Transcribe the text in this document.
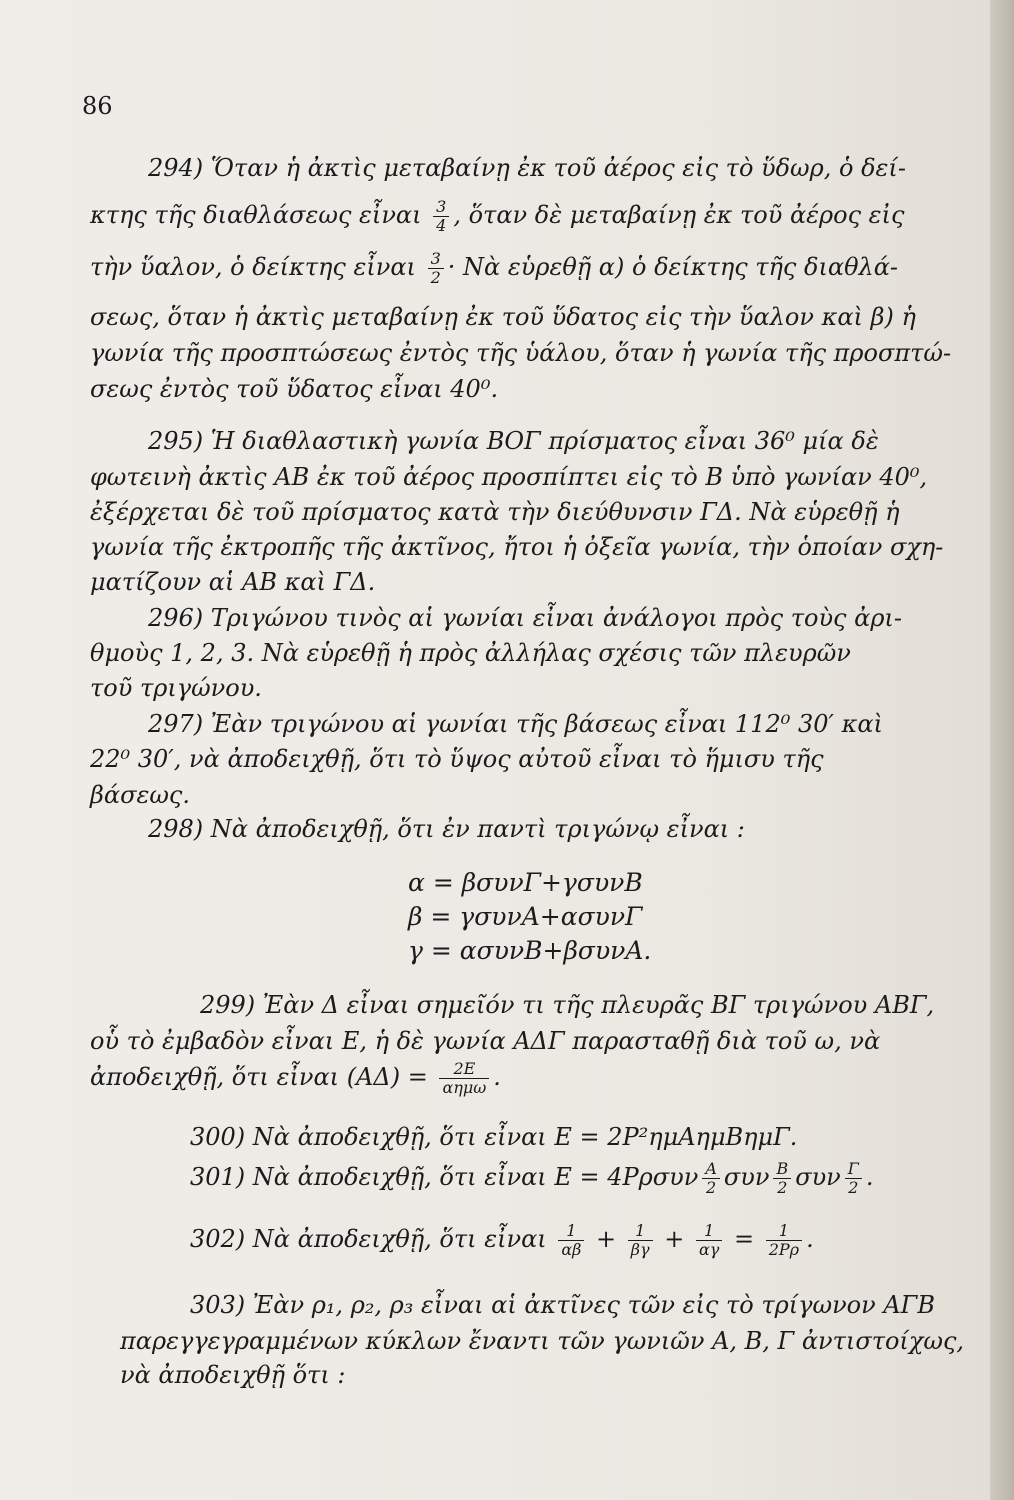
86
294) Ὅταν ἡ ἀκτὶς μεταβαίνῃ ἐκ τοῦ ἀέρος εἰς τὸ ὕδωρ, ὁ δεί-
κτης τῆς διαθλάσεως εἶναι $\frac{3}{4}$ , ὅταν δὲ μεταβαίνῃ ἐκ τοῦ ἀέρος εἰς
τὴν ὕαλον, ὁ δείκτης εἶναι $\frac{3}{2}$ · Νὰ εὑρεθῇ α) ὁ δείκτης τῆς διαθλά-
σεως, ὅταν ἡ ἀκτὶς μεταβαίνῃ ἐκ τοῦ ὕδατος εἰς τὴν ὕαλον καὶ β) ἡ
γωνία τῆς προσπτώσεως ἐντὸς τῆς ὑάλου, ὅταν ἡ γωνία τῆς προσπτώ-
σεως ἐντὸς τοῦ ὕδατος εἶναι 40⁰.
295) Ἡ διαθλαστικὴ γωνία ΒΟΓ πρίσματος εἶναι 36⁰ μία δὲ
φωτεινὴ ἀκτὶς ΑΒ ἐκ τοῦ ἀέρος προσπίπτει εἰς τὸ Β ὑπὸ γωνίαν 40⁰,
ἐξέρχεται δὲ τοῦ πρίσματος κατὰ τὴν διεύθυνσιν ΓΔ. Νὰ εὑρεθῇ ἡ
γωνία τῆς ἐκτροπῆς τῆς ἀκτῖνος, ἤτοι ἡ ὀξεῖα γωνία, τὴν ὁποίαν σχη-
ματίζουν αἱ ΑΒ καὶ ΓΔ.
296) Τριγώνου τινὸς αἱ γωνίαι εἶναι ἀνάλογοι πρὸς τοὺς ἀρι-
θμοὺς 1, 2, 3. Νὰ εὑρεθῇ ἡ πρὸς ἀλλήλας σχέσις τῶν πλευρῶν
τοῦ τριγώνου.
297) Ἐὰν τριγώνου αἱ γωνίαι τῆς βάσεως εἶναι 112⁰ 30′ καὶ
22⁰ 30′, νὰ ἀποδειχθῇ, ὅτι τὸ ὕψος αὐτοῦ εἶναι τὸ ἥμισυ τῆς
βάσεως.
298) Νὰ ἀποδειχθῇ, ὅτι ἐν παντὶ τριγώνῳ εἶναι :
α = βσυνΓ+γσυνΒ
β = γσυνΑ+ασυνΓ
γ = ασυνΒ+βσυνΑ.
299) Ἐὰν Δ εἶναι σημεῖόν τι τῆς πλευρᾶς ΒΓ τριγώνου ΑΒΓ,
οὗ τὸ ἐμβαδὸν εἶναι Ε, ἡ δὲ γωνία ΑΔΓ παρασταθῇ διὰ τοῦ ω, νὰ
ἀποδειχθῇ, ὅτι εἶναι $(A\Delta) = \frac{2E}{\text{αημω}}$ .
300) Νὰ ἀποδειχθῇ, ὅτι εἶναι Ε = 2Ρ²ημΑημΒημΓ.
301) Νὰ ἀποδειχθῇ, ὅτι εἶναι $E = 4P\rho\sigma\upsilon\nu \frac{A}{2}$ συν $\frac{B}{2}$ συν $\frac{\Gamma}{2}$ .
302) Νὰ ἀποδειχθῇ, ὅτι εἶναι $\frac{1}{\alpha\beta} + \frac{1}{\beta\gamma} + \frac{1}{\alpha\gamma} = \frac{1}{2P\rho}$ .
303) Ἐὰν ρ₁, ρ₂, ρ₃ εἶναι αἱ ἀκτῖνες τῶν εἰς τὸ τρίγωνον ΑΓΒ
παρεγγεγραμμένων κύκλων ἔναντι τῶν γωνιῶν Α, Β, Γ ἀντιστοίχως,
νὰ ἀποδειχθῇ ὅτι :
